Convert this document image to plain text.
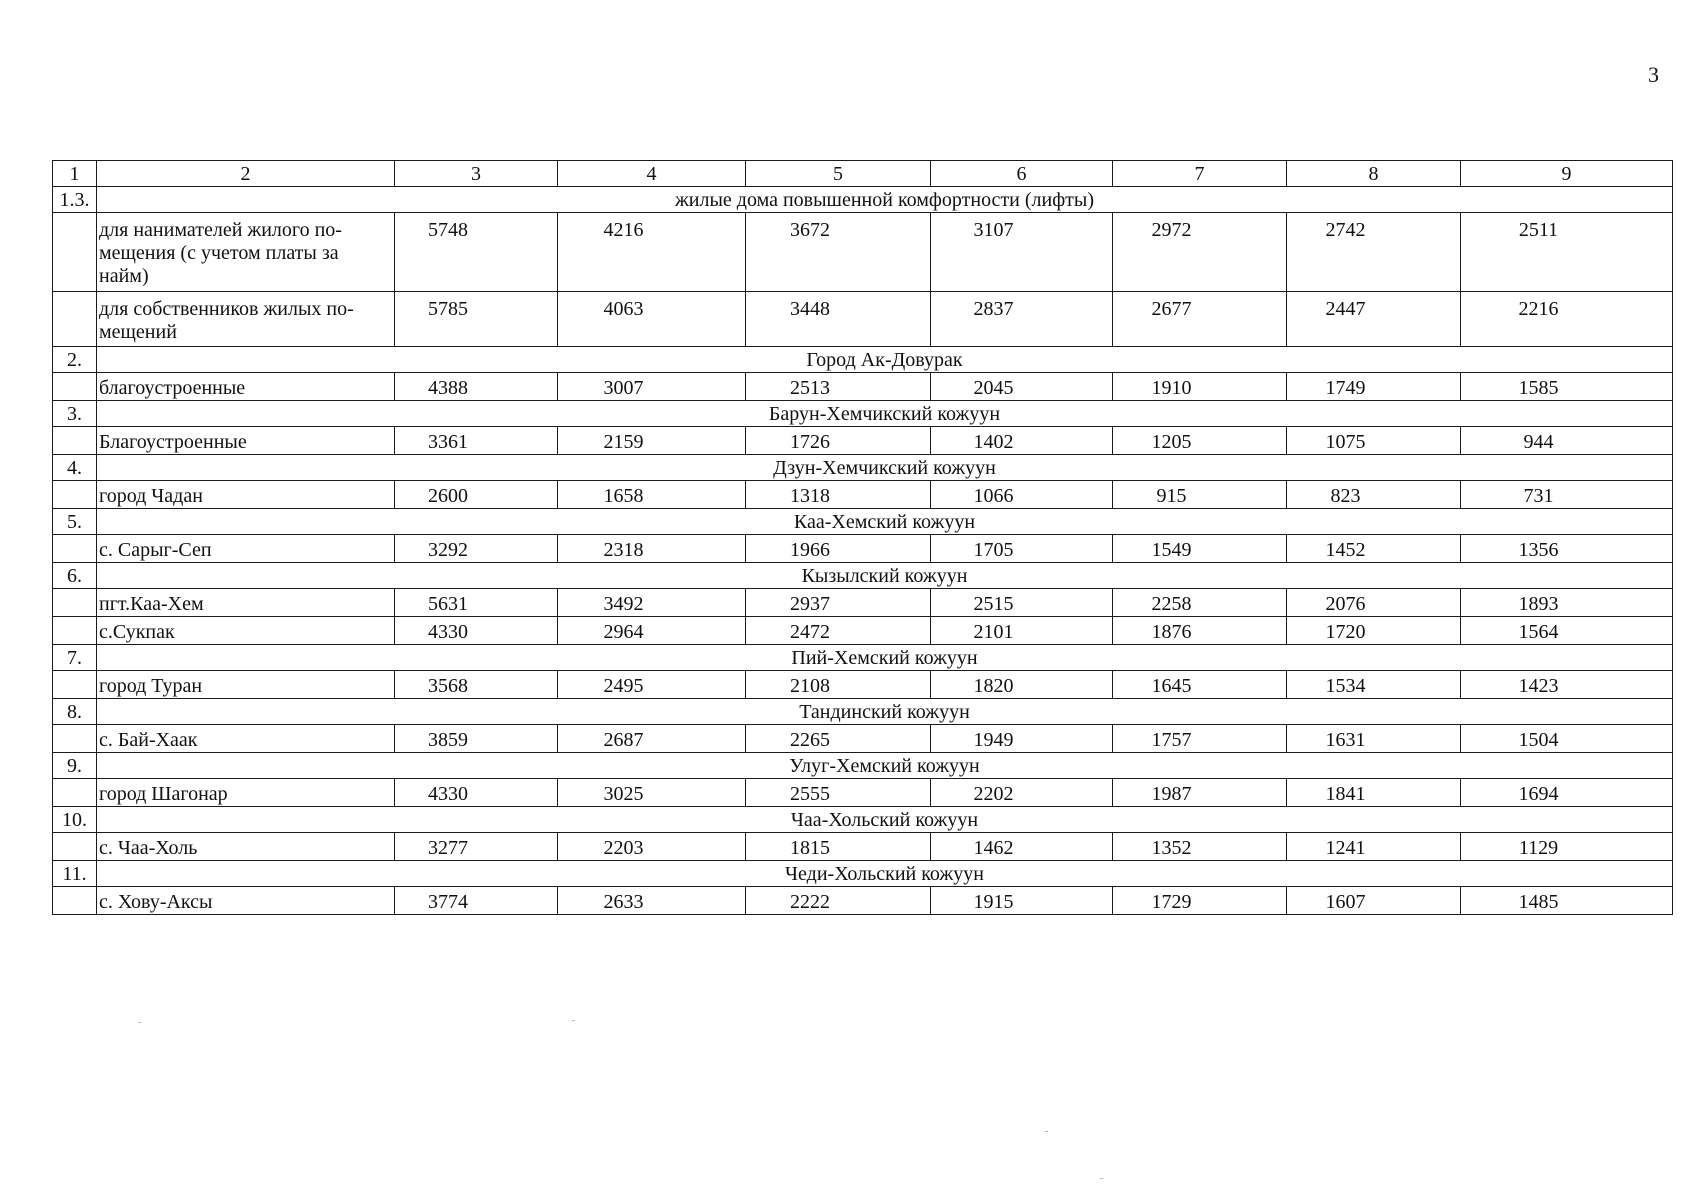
3
1	2	3	4	5	6	7	8	9
1.3.	жилые дома повышенной комфортности (лифты)							
	для нанимателей жилого по-мещения (с учетом платы за найм)	5748	4216	3672	3107	2972	2742	2511
	для собственников жилых по-мещений	5785	4063	3448	2837	2677	2447	2216
2.	Город Ак-Довурак							
	благоустроенные	4388	3007	2513	2045	1910	1749	1585
3.	Барун-Хемчикский кожуун							
	Благоустроенные	3361	2159	1726	1402	1205	1075	944
4.	Дзун-Хемчикский кожуун							
	город Чадан	2600	1658	1318	1066	915	823	731
5.	Каа-Хемский кожуун							
	с. Сарыг-Сеп	3292	2318	1966	1705	1549	1452	1356
6.	Кызылский кожуун							
	пгт.Каа-Хем	5631	3492	2937	2515	2258	2076	1893
	с.Сукпак	4330	2964	2472	2101	1876	1720	1564
7.	Пий-Хемский кожуун							
	город Туран	3568	2495	2108	1820	1645	1534	1423
8.	Тандинский кожуун							
	с. Бай-Хаак	3859	2687	2265	1949	1757	1631	1504
9.	Улуг-Хемский кожуун							
	город Шагонар	4330	3025	2555	2202	1987	1841	1694
10.	Чаа-Хольский кожуун							
	с. Чаа-Холь	3277	2203	1815	1462	1352	1241	1129
11.	Чеди-Хольский кожуун							
	с. Хову-Аксы	3774	2633	2222	1915	1729	1607	1485
